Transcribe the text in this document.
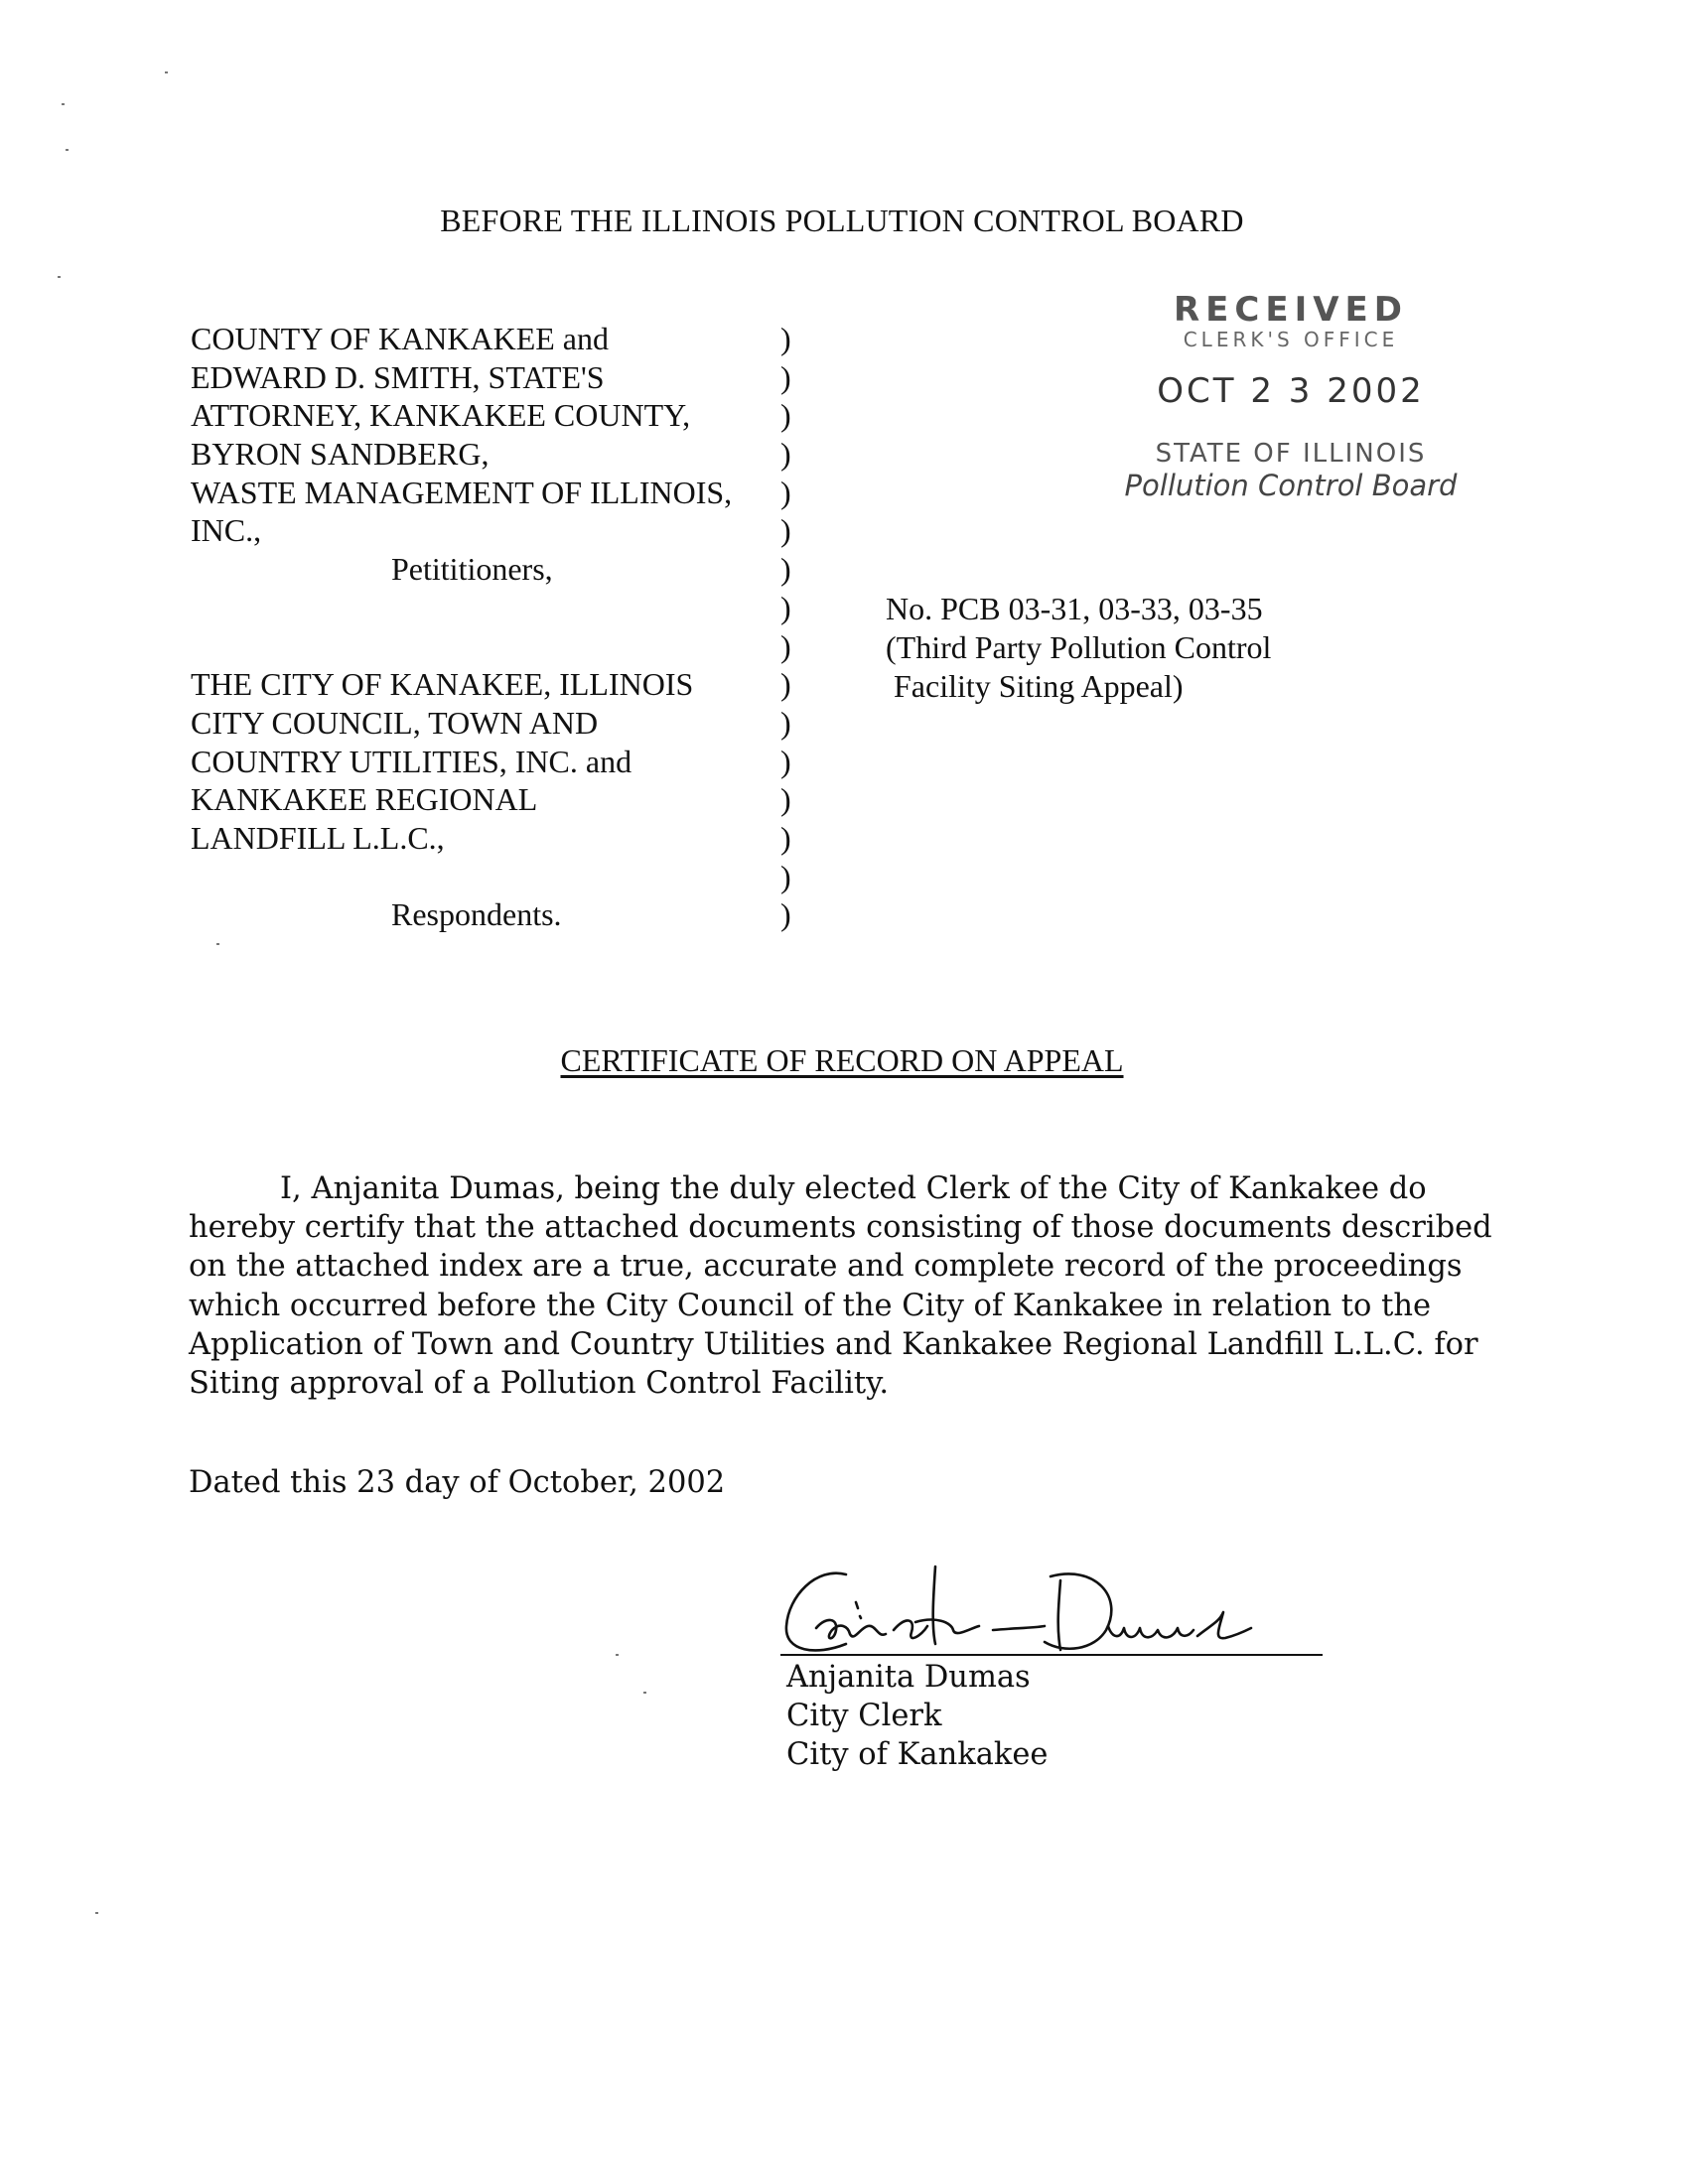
BEFORE THE ILLINOIS POLLUTION CONTROL BOARD
COUNTY OF KANKAKEE and
EDWARD D. SMITH, STATE'S
ATTORNEY, KANKAKEE COUNTY,
BYRON SANDBERG,
WASTE MANAGEMENT OF ILLINOIS,
INC.,
Petititioners,
THE CITY OF KANAKEE, ILLINOIS
CITY COUNCIL, TOWN AND
COUNTRY UTILITIES, INC. and
KANKAKEE REGIONAL
LANDFILL L.L.C.,
Respondents.
)
)
)
)
)
)
)
)
)
)
)
)
)
)
)
)
No. PCB 03-31, 03-33, 03-35
(Third Party Pollution Control
Facility Siting Appeal)
RECEIVED
CLERK'S OFFICE
OCT 2 3 2002
STATE OF ILLINOIS
Pollution Control Board
CERTIFICATE OF RECORD ON APPEAL

I, Anjanita Dumas, being the duly elected Clerk of the City of Kankakee do hereby certify that the attached documents consisting of those documents described on the attached index are a true, accurate and complete record of the proceedings which occurred before the City Council of the City of Kankakee in relation to the Application of Town and Country Utilities and Kankakee Regional Landfill L.L.C. for Siting approval of a Pollution Control Facility.

Dated this 23 day of October, 2002
Anjanita Dumas
City Clerk
City of Kankakee
